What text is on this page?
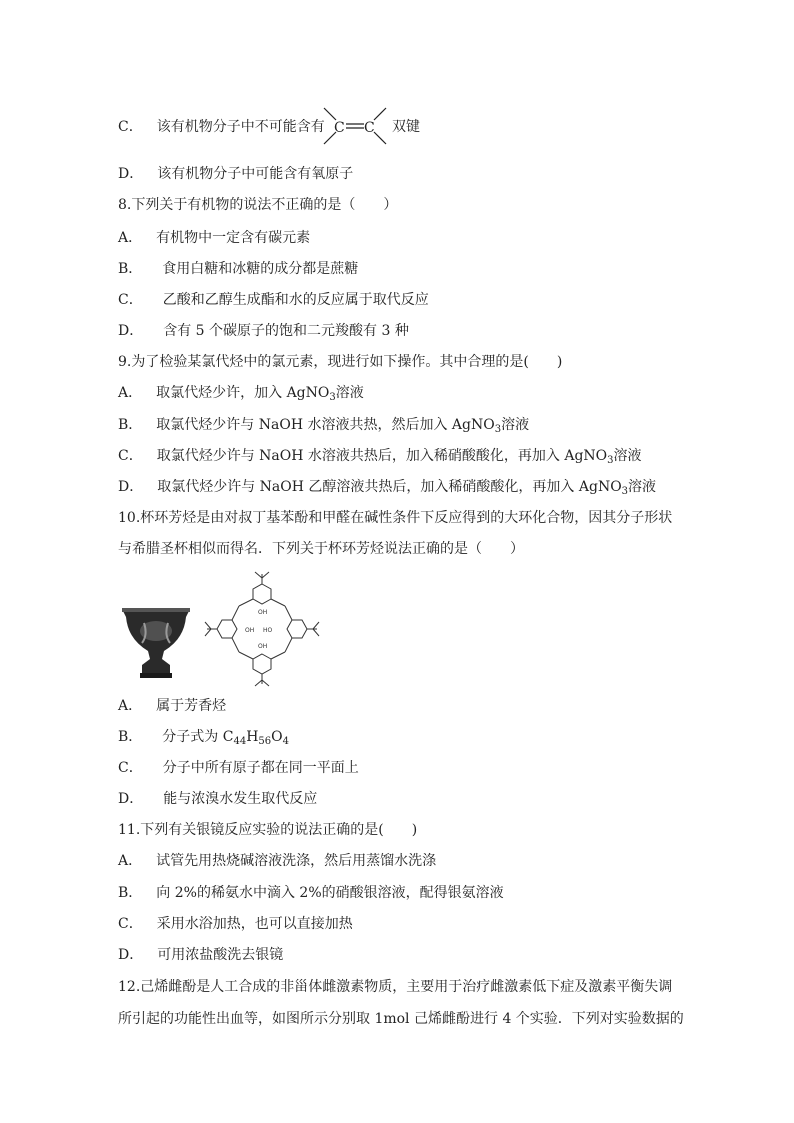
C． 该有机物分子中不可能含有 C C 双键
D． 该有机物分子中可能含有氧原子
8.下列关于有机物的说法不正确的是（　　）
A． 有机物中一定含有碳元素
B． 食用白糖和冰糖的成分都是蔗糖
C． 乙酸和乙醇生成酯和水的反应属于取代反应
D． 含有 5 个碳原子的饱和二元羧酸有 3 种
9.为了检验某氯代烃中的氯元素，现进行如下操作。其中合理的是(　　)
A． 取氯代烃少许，加入 AgNO$_3$溶液
B． 取氯代烃少许与 NaOH 水溶液共热，然后加入 AgNO$_3$溶液
C． 取氯代烃少许与 NaOH 水溶液共热后，加入稀硝酸酸化，再加入 AgNO$_3$溶液
D． 取氯代烃少许与 NaOH 乙醇溶液共热后，加入稀硝酸酸化，再加入 AgNO$_3$溶液
10.杯环芳烃是由对叔丁基苯酚和甲醛在碱性条件下反应得到的大环化合物，因其分子形状
与希腊圣杯相似而得名．下列关于杯环芳烃说法正确的是（　　）
OH
OH HO
OH
A． 属于芳香烃
B． 分子式为 $C_{44}H_{56}O_4$
C． 分子中所有原子都在同一平面上
D． 能与浓溴水发生取代反应
11.下列有关银镜反应实验的说法正确的是(　　)
A． 试管先用热烧碱溶液洗涤，然后用蒸馏水洗涤
B． 向 2%的稀氨水中滴入 2%的硝酸银溶液，配得银氨溶液
C． 采用水浴加热，也可以直接加热
D． 可用浓盐酸洗去银镜
12.己烯雌酚是人工合成的非甾体雌激素物质，主要用于治疗雌激素低下症及激素平衡失调
所引起的功能性出血等，如图所示分别取 1mol 己烯雌酚进行 4 个实验．下列对实验数据的
